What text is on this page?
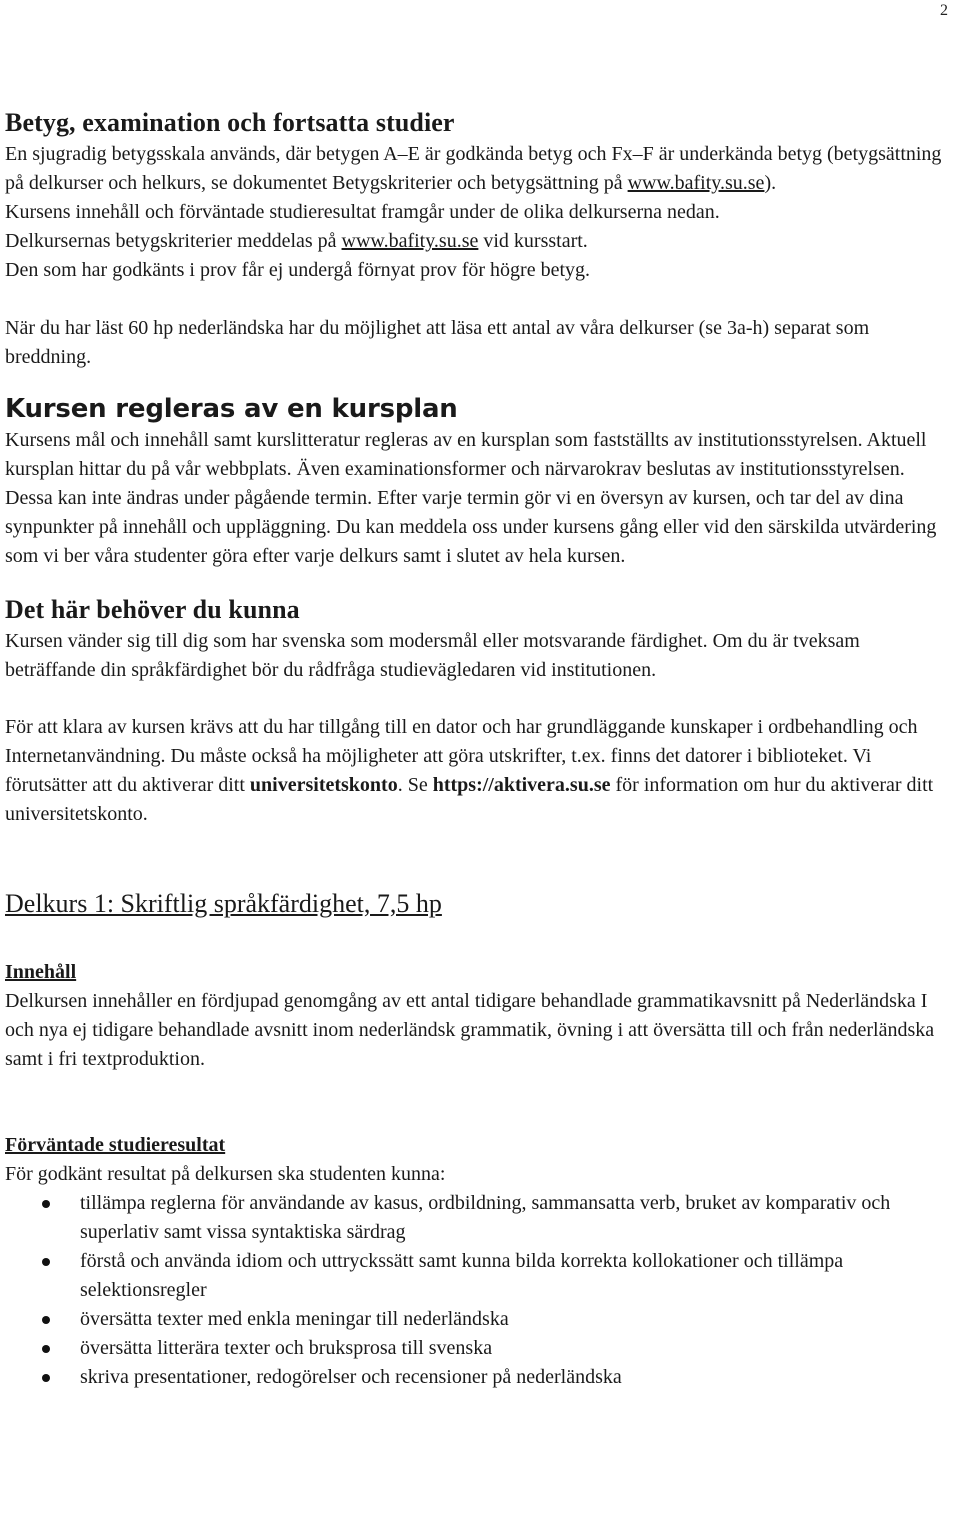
2
Betyg, examination och fortsatta studier

En sjugradig betygsskala används, där betygen A–E är godkända betyg och Fx–F är underkända betyg (betygsättning på delkurser och helkurs, se dokumentet Betygskriterier och betygsättning på www.bafity.su.se).

Kursens innehåll och förväntade studieresultat framgår under de olika delkurserna nedan.

Delkursernas betygskriterier meddelas på www.bafity.su.se vid kursstart.

Den som har godkänts i prov får ej undergå förnyat prov för högre betyg.

När du har läst 60 hp nederländska har du möjlighet att läsa ett antal av våra delkurser (se 3a-h) separat som breddning.

Kursen regleras av en kursplan

Kursens mål och innehåll samt kurslitteratur regleras av en kursplan som fastställts av institutionsstyrelsen. Aktuell kursplan hittar du på vår webbplats. Även examinationsformer och närvarokrav beslutas av institutionsstyrelsen. Dessa kan inte ändras under pågående termin. Efter varje termin gör vi en översyn av kursen, och tar del av dina synpunkter på innehåll och uppläggning. Du kan meddela oss under kursens gång eller vid den särskilda utvärdering som vi ber våra studenter göra efter varje delkurs samt i slutet av hela kursen.

Det här behöver du kunna

Kursen vänder sig till dig som har svenska som modersmål eller motsvarande färdighet. Om du är tveksam beträffande din språkfärdighet bör du rådfråga studievägledaren vid institutionen.

För att klara av kursen krävs att du har tillgång till en dator och har grundläggande kunskaper i ordbehandling och Internetanvändning. Du måste också ha möjligheter att göra utskrifter, t.ex. finns det datorer i biblioteket. Vi förutsätter att du aktiverar ditt universitetskonto. Se https://aktivera.su.se för information om hur du aktiverar ditt universitetskonto.

Delkurs 1: Skriftlig språkfärdighet, 7,5 hp
Innehåll

Delkursen innehåller en fördjupad genomgång av ett antal tidigare behandlade grammatikavsnitt på Nederländska I och nya ej tidigare behandlade avsnitt inom nederländsk grammatik, övning i att översätta till och från nederländska samt i fri textproduktion.

Förväntade studieresultat

För godkänt resultat på delkursen ska studenten kunna:

tillämpa reglerna för användande av kasus, ordbildning, sammansatta verb, bruket av komparativ och superlativ samt vissa syntaktiska särdrag
förstå och använda idiom och uttryckssätt samt kunna bilda korrekta kollokationer och tillämpa selektionsregler
översätta texter med enkla meningar till nederländska
översätta litterära texter och bruksprosa till svenska
skriva presentationer, redogörelser och recensioner på nederländska
